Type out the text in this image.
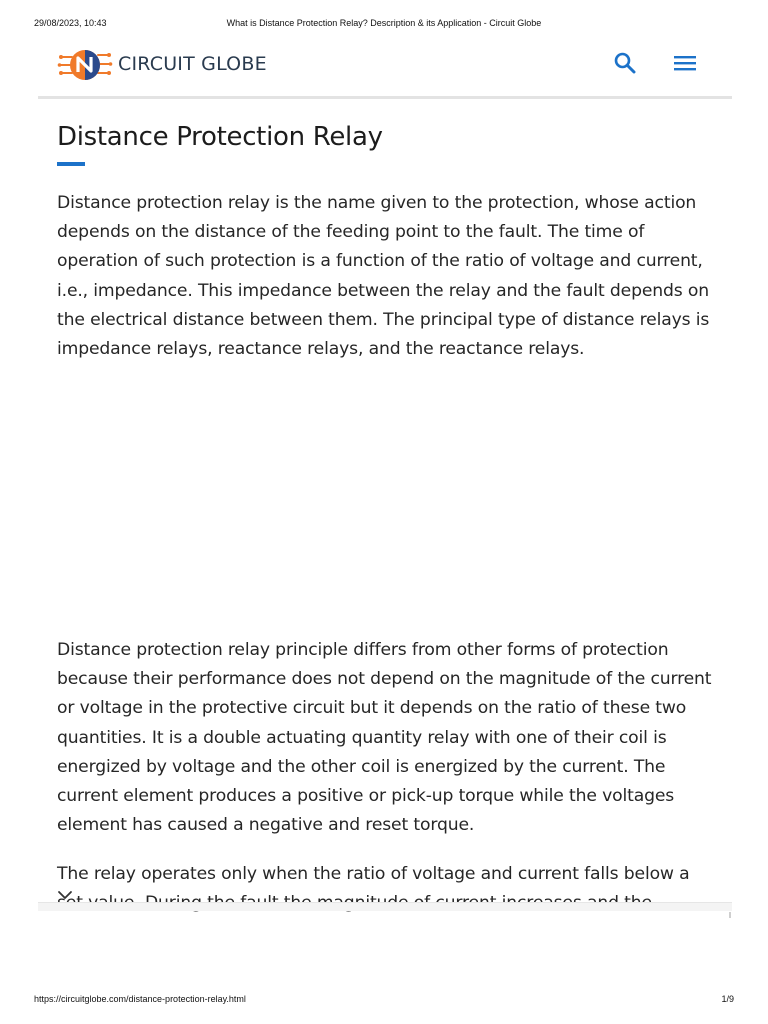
29/08/2023, 10:43	What is Distance Protection Relay? Description & its Application - Circuit Globe
CIRCUIT GLOBE
Distance Protection Relay

Distance protection relay is the name given to the protection, whose action depends on the distance of the feeding point to the fault. The time of operation of such protection is a function of the ratio of voltage and current, i.e., impedance. This impedance between the relay and the fault depends on the electrical distance between them. The principal type of distance relays is impedance relays, reactance relays, and the reactance relays.

Distance protection relay principle differs from other forms of protection because their performance does not depend on the magnitude of the current or voltage in the protective circuit but it depends on the ratio of these two quantities. It is a double actuating quantity relay with one of their coil is energized by voltage and the other coil is energized by the current. The current element produces a positive or pick-up torque while the voltages element has caused a negative and reset torque.

The relay operates only when the ratio of voltage and current falls below a

https://circuitglobe.com/distance-protection-relay.html	1/9
